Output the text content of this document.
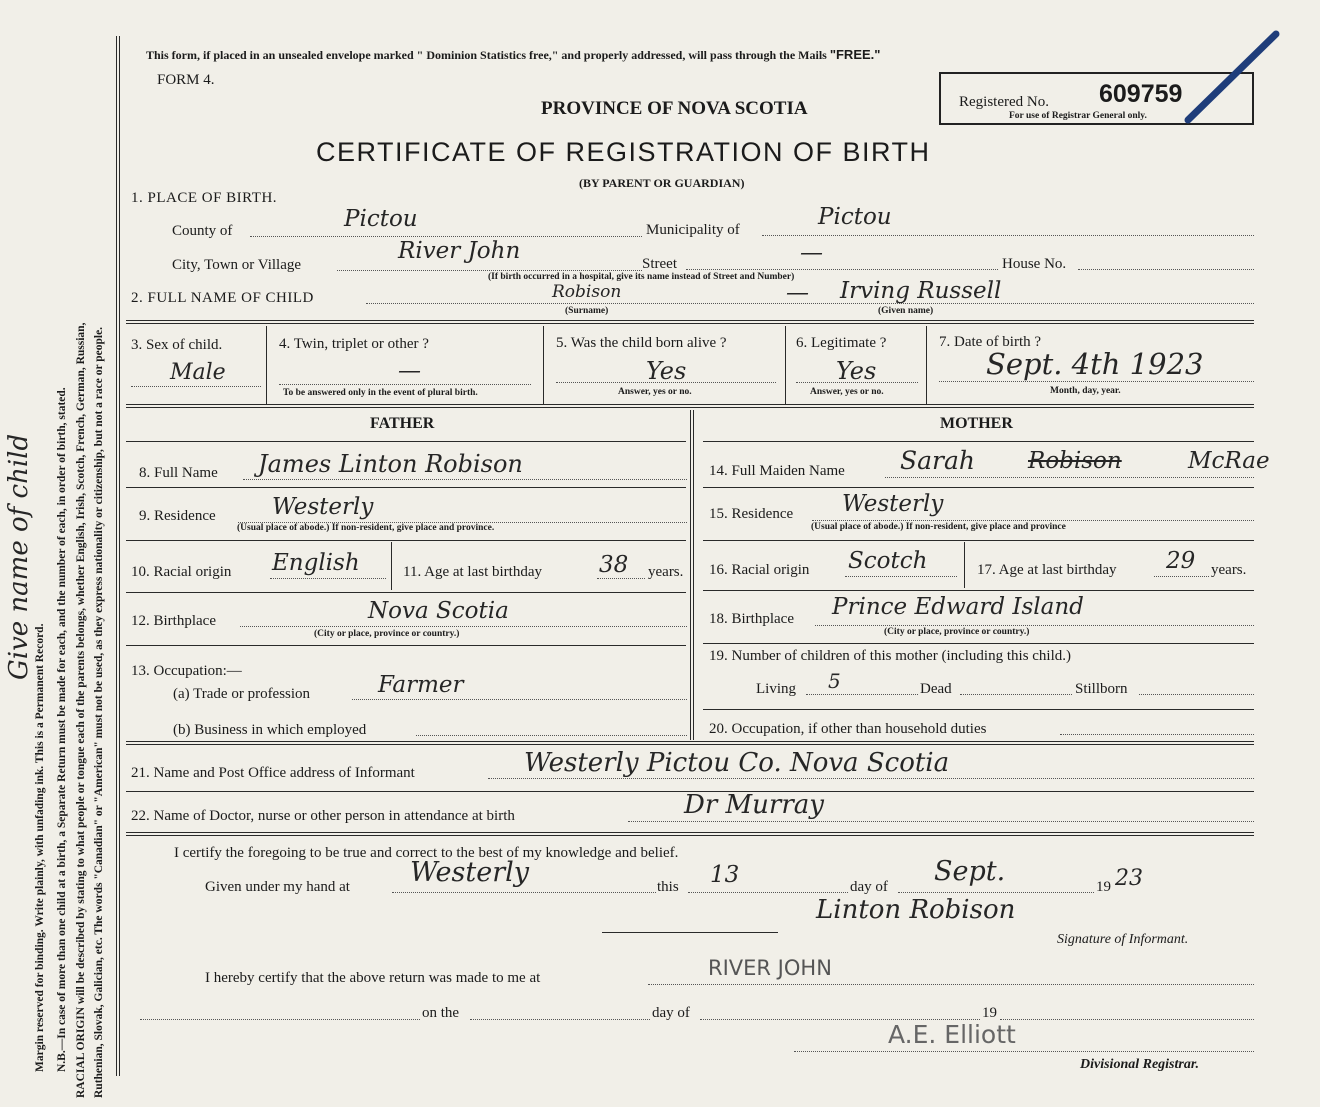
Margin reserved for binding. Write plainly, with unfading ink. This is a Permanent Record. N.B.—In case of more than one child at a birth, a Separate Return must be made for each, and the number of each, in order of birth, stated. RACIAL ORIGIN will be described by stating to what people or tongue each of the parents belongs, whether English, Irish, Scotch, French, German, Russian, Ruthenian, Slovak, Galician, etc. The words "Canadian" or "American" must not be used, as they express nationality or citizenship, but not a race or people.
Give name of child
This form, if placed in an unsealed envelope marked " Dominion Statistics free," and properly addressed, will pass through the Mails "FREE."
FORM 4.
PROVINCE OF NOVA SCOTIA
CERTIFICATE OF REGISTRATION OF BIRTH
(BY PARENT OR GUARDIAN)
Registered No. 609759
For use of Registrar General only.
1. PLACE OF BIRTH.
County of	Pictou	Municipality of	Pictou
City, Town or Village
River John	Street	—	House No.
(If birth occurred in a hospital, give its name instead of Street and Number)
2. FULL NAME OF CHILD	Robison	— Irving Russell
(Surname)	(Given name)
3. Sex of child.
Male
4. Twin, triplet or other ?
—
To be answered only in the event of plural birth.
5. Was the child born alive ?
Yes
Answer, yes or no.
6. Legitimate ?
Yes
Answer, yes or no.
7. Date of birth ?
Sept. 4th 1923
Month, day, year.
FATHER
8. Full Name James Linton Robison
9. Residence Westerly
(Usual place of abode.) If non-resident, give place and province.
10. Racial origin English	11. Age at last birthday 38 years.
12. Birthplace	Nova Scotia
(City or place, province or country.)
13. Occupation:—
(a) Trade or profession	Farmer
(b) Business in which employed
MOTHER
14. Full Maiden Name Sarah Robison	McRae
15. Residence Westerly
(Usual place of abode.) If non-resident, give place and province
16. Racial origin Scotch	17. Age at last birthday 29 years.
18. Birthplace Prince Edward Island
(City or place, province or country.)
19. Number of children of this mother (including this child.)
Living 5	Dead	Stillborn
20. Occupation, if other than household duties
21. Name and Post Office address of Informant	Westerly Pictou Co. Nova Scotia
22. Name of Doctor, nurse or other person in attendance at birth	Dr Murray
I certify the foregoing to be true and correct to the best of my knowledge and belief.
Given under my hand at Westerly	this 13	day of Sept.	19 23
Linton Robison
Signature of Informant.
I hereby certify that the above return was made to me at	RIVER JOHN
on the	day of	19
A.E. Elliott
Divisional Registrar.
